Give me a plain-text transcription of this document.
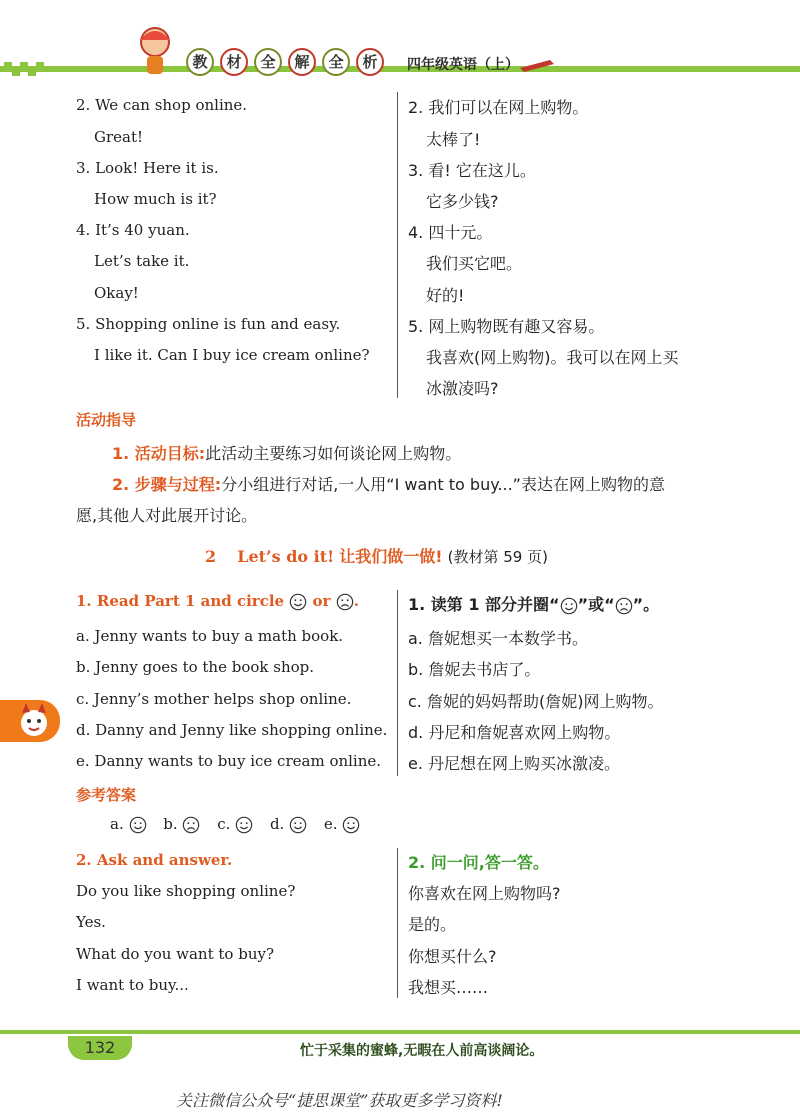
教	材	全	解	全	析	四年级英语（上）
2. We can shop online.
Great!
3. Look! Here it is.
How much is it?
4. It’s 40 yuan.
Let’s take it.
Okay!
5. Shopping online is fun and easy.
I like it. Can I buy ice cream online?
2. 我们可以在网上购物。
太棒了!
3. 看! 它在这儿。
它多少钱?
4. 四十元。
我们买它吧。
好的!
5. 网上购物既有趣又容易。
我喜欢(网上购物)。我可以在网上买
冰激凌吗?
活动指导
1. 活动目标:此活动主要练习如何谈论网上购物。
2. 步骤与过程:分小组进行对话,一人用“I want to buy...”表达在网上购物的意
愿,其他人对此展开讨论。
2 Let’s do it! 让我们做一做! (教材第 59 页)
1. Read Part 1 and circle or .	1. 读第 1 部分并圈“ ”或“ ”。
a. Jenny wants to buy a math book.
b. Jenny goes to the book shop.
c. Jenny’s mother helps shop online.
d. Danny and Jenny like shopping online.
e. Danny wants to buy ice cream online.
a. 詹妮想买一本数学书。
b. 詹妮去书店了。
c. 詹妮的妈妈帮助(詹妮)网上购物。
d. 丹尼和詹妮喜欢网上购物。
e. 丹尼想在网上购买冰激凌。
参考答案
a.	b.	c.	d.	e.
2. Ask and answer.	2. 问一问,答一答。
Do you like shopping online?
Yes.
What do you want to buy?
I want to buy...
你喜欢在网上购物吗?
是的。
你想买什么?
我想买……
132	忙于采集的蜜蜂,无暇在人前高谈阔论。
关注微信公众号“捷思课堂”获取更多学习资料!
